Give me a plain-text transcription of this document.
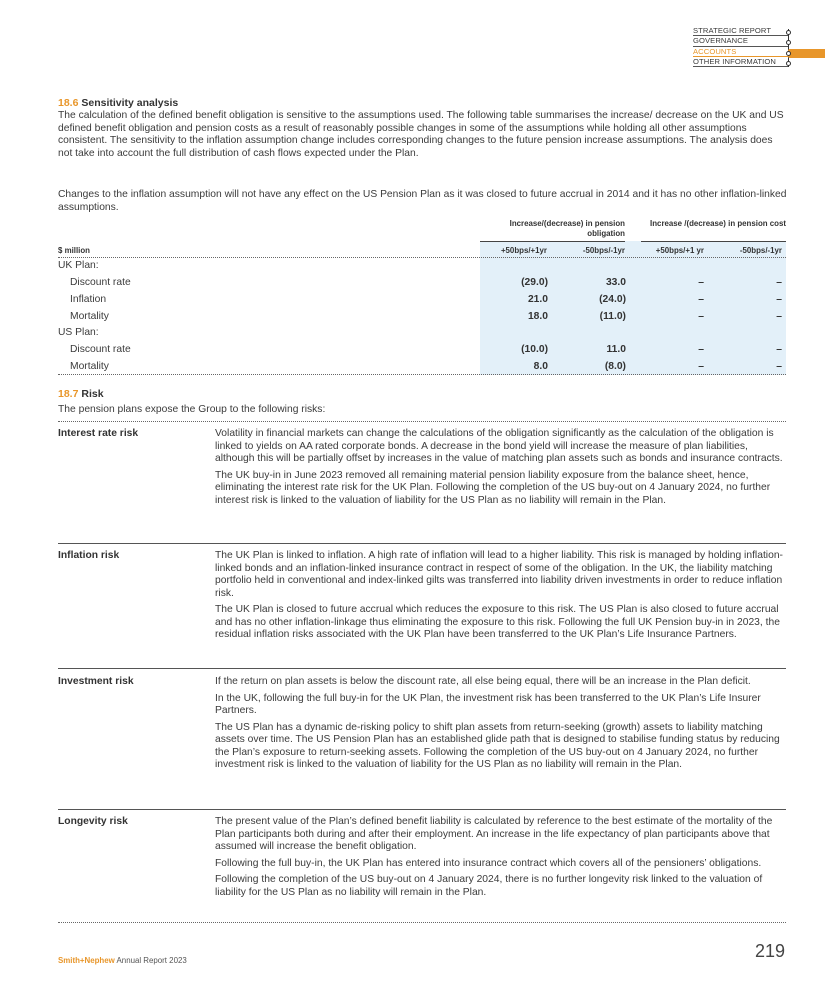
STRATEGIC REPORT
GOVERNANCE
ACCOUNTS
OTHER INFORMATION
18.6 Sensitivity analysis
The calculation of the defined benefit obligation is sensitive to the assumptions used. The following table summarises the increase/ decrease on the UK and US defined benefit obligation and pension costs as a result of reasonably possible changes in some of the assumptions while holding all other assumptions consistent. The sensitivity to the inflation assumption change includes corresponding changes to the future pension increase assumptions. The analysis does not take into account the full distribution of cash flows expected under the Plan.
Changes to the inflation assumption will not have any effect on the US Pension Plan as it was closed to future accrual in 2014 and it has no other inflation-linked assumptions.
Increase/(decrease) in pension obligation
Increase /(decrease) in pension cost
$ million	+50bps/+1yr	-50bps/-1yr	+50bps/+1 yr	-50bps/-1yr
UK Plan:
Discount rate	(29.0)	33.0	–	–
Inflation	21.0	(24.0)	–	–
Mortality	18.0	(11.0)	–	–
US Plan:
Discount rate	(10.0)	11.0	–	–
Mortality	8.0	(8.0)	–	–
18.7 Risk
The pension plans expose the Group to the following risks:
Interest rate risk	Volatility in financial markets can change the calculations of the obligation significantly as the calculation of the obligation is linked to yields on AA rated corporate bonds. A decrease in the bond yield will increase the measure of plan liabilities, although this will be partially offset by increases in the value of matching plan assets such as bonds and insurance contracts.

The UK buy-in in June 2023 removed all remaining material pension liability exposure from the balance sheet, hence, eliminating the interest rate risk for the UK Plan. Following the completion of the US buy-out on 4 January 2024, no further interest risk is linked to the valuation of liability for the US Plan as no liability will remain in the Plan.

Inflation risk	The UK Plan is linked to inflation. A high rate of inflation will lead to a higher liability. This risk is managed by holding inflation-linked bonds and an inflation-linked insurance contract in respect of some of the obligation. In the UK, the liability matching portfolio held in conventional and index-linked gilts was transferred into liability driven investments in order to reduce inflation risk.

The UK Plan is closed to future accrual which reduces the exposure to this risk. The US Plan is also closed to future accrual and has no other inflation-linkage thus eliminating the exposure to this risk. Following the full UK Pension buy-in in 2023, the residual inflation risks associated with the UK Plan have been transferred to the UK Plan’s Life Insurance Partners.

Investment risk	If the return on plan assets is below the discount rate, all else being equal, there will be an increase in the Plan deficit.

In the UK, following the full buy-in for the UK Plan, the investment risk has been transferred to the UK Plan’s Life Insurer Partners.

The US Plan has a dynamic de-risking policy to shift plan assets from return-seeking (growth) assets to liability matching assets over time. The US Pension Plan has an established glide path that is designed to stabilise funding status by reducing the Plan’s exposure to return-seeking assets. Following the completion of the US buy-out on 4 January 2024, no further investment risk is linked to the valuation of liability for the US Plan as no liability will remain in the Plan.

Longevity risk	The present value of the Plan’s defined benefit liability is calculated by reference to the best estimate of the mortality of the Plan participants both during and after their employment. An increase in the life expectancy of plan participants above that assumed will increase the benefit obligation.

Following the full buy-in, the UK Plan has entered into insurance contract which covers all of the pensioners’ obligations.

Following the completion of the US buy-out on 4 January 2024, there is no further longevity risk linked to the valuation of liability for the US Plan as no liability will remain in the Plan.

Smith+Nephew Annual Report 2023	219
